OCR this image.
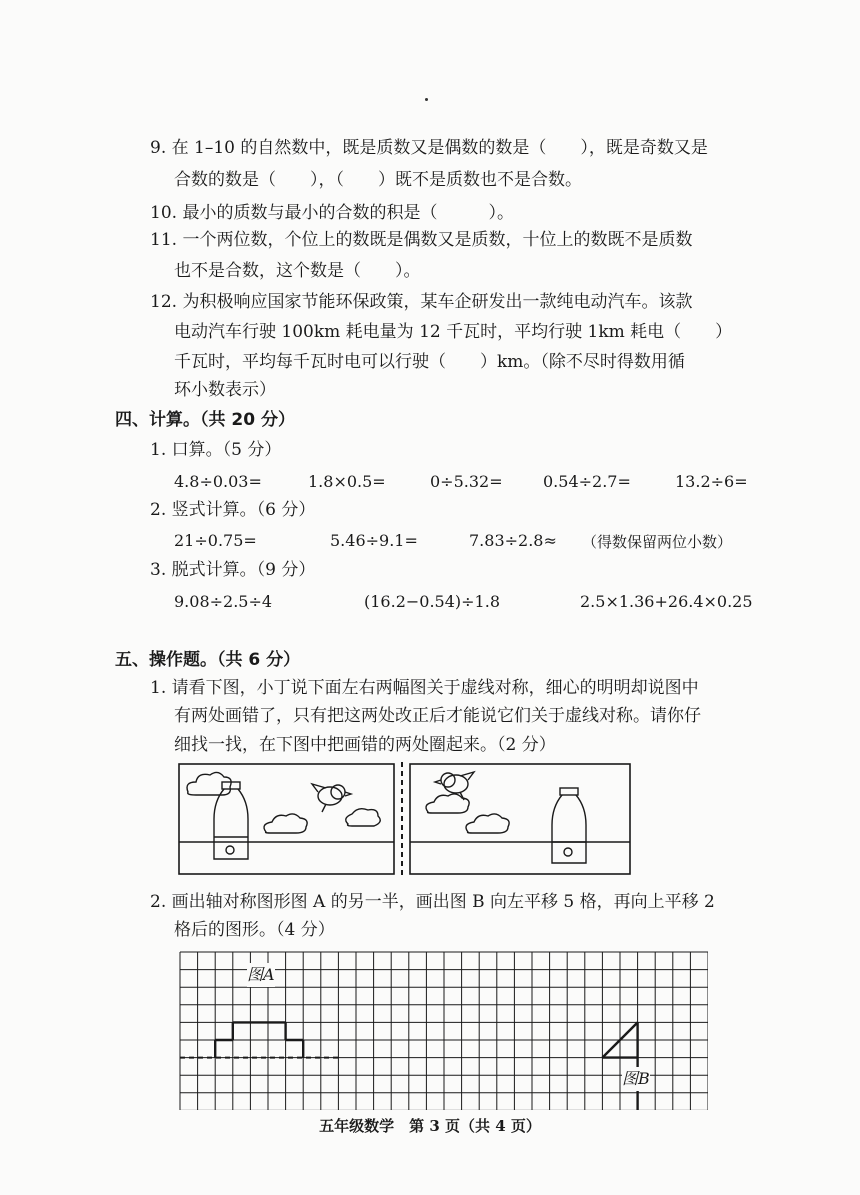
9. 在 1–10 的自然数中，既是质数又是偶数的数是（　　），既是奇数又是
合数的数是（　　），（　　）既不是质数也不是合数。
10. 最小的质数与最小的合数的积是（　　　）。
11. 一个两位数，个位上的数既是偶数又是质数，十位上的数既不是质数
也不是合数，这个数是（　　）。
12. 为积极响应国家节能环保政策，某车企研发出一款纯电动汽车。该款
电动汽车行驶 100km 耗电量为 12 千瓦时，平均行驶 1km 耗电（　　）
千瓦时，平均每千瓦时电可以行驶（　　）km。（除不尽时得数用循
环小数表示）
四、计算。（共 20 分）
1. 口算。（5 分）
4.8÷0.03=	1.8×0.5=	0÷5.32=	0.54÷2.7=	13.2÷6=
2. 竖式计算。（6 分）
21÷0.75=	5.46÷9.1=	7.83÷2.8≈ （得数保留两位小数）
3. 脱式计算。（9 分）
9.08÷2.5÷4	(16.2−0.54)÷1.8	2.5×1.36+26.4×0.25
五、操作题。（共 6 分）
1. 请看下图，小丁说下面左右两幅图关于虚线对称，细心的明明却说图中
有两处画错了，只有把这两处改正后才能说它们关于虚线对称。请你仔
细找一找，在下图中把画错的两处圈起来。（2 分）
2. 画出轴对称图形图 A 的另一半，画出图 B 向左平移 5 格，再向上平移 2
格后的图形。（4 分）
图A
图B
五年级数学　第 3 页（共 4 页）
